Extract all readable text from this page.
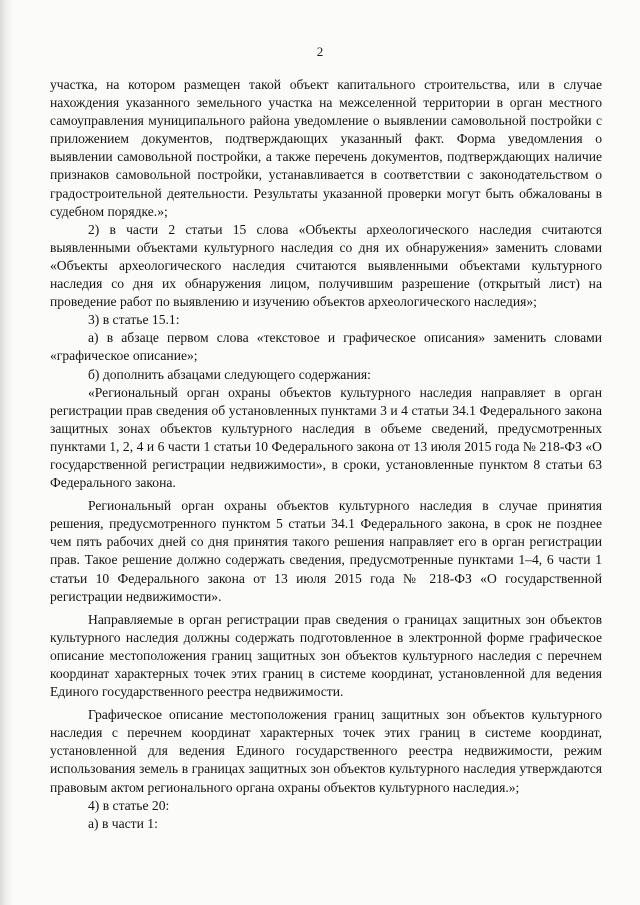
2

участка, на котором размещен такой объект капитального строительства, или в случае нахождения указанного земельного участка на межселенной территории в орган местного самоуправления муниципального района уведомление о выявлении самовольной постройки с приложением документов, подтверждающих указанный факт. Форма уведомления о выявлении самовольной постройки, а также перечень документов, подтверждающих наличие признаков самовольной постройки, устанавливается в соответствии с законодательством о градостроительной деятельности. Результаты указанной проверки могут быть обжалованы в судебном порядке.»;

2) в части 2 статьи 15 слова «Объекты археологического наследия считаются выявленными объектами культурного наследия со дня их обнаружения» заменить словами «Объекты археологического наследия считаются выявленными объектами культурного наследия со дня их обнаружения лицом, получившим разрешение (открытый лист) на проведение работ по выявлению и изучению объектов археологического наследия»;

3) в статье 15.1:

а) в абзаце первом слова «текстовое и графическое описания» заменить словами «графическое описание»;

б) дополнить абзацами следующего содержания:

«Региональный орган охраны объектов культурного наследия направляет в орган регистрации прав сведения об установленных пунктами 3 и 4 статьи 34.1 Федерального закона защитных зонах объектов культурного наследия в объеме сведений, предусмотренных пунктами 1, 2, 4 и 6 части 1 статьи 10 Федерального закона от 13 июля 2015 года № 218-ФЗ «О государственной регистрации недвижимости», в сроки, установленные пунктом 8 статьи 63 Федерального закона.

Региональный орган охраны объектов культурного наследия в случае принятия решения, предусмотренного пунктом 5 статьи 34.1 Федерального закона, в срок не позднее чем пять рабочих дней со дня принятия такого решения направляет его в орган регистрации прав. Такое решение должно содержать сведения, предусмотренные пунктами 1–4, 6 части 1 статьи 10 Федерального закона от 13 июля 2015 года № 218-ФЗ «О государственной регистрации недвижимости».

Направляемые в орган регистрации прав сведения о границах защитных зон объектов культурного наследия должны содержать подготовленное в электронной форме графическое описание местоположения границ защитных зон объектов культурного наследия с перечнем координат характерных точек этих границ в системе координат, установленной для ведения Единого государственного реестра недвижимости.

Графическое описание местоположения границ защитных зон объектов культурного наследия с перечнем координат характерных точек этих границ в системе координат, установленной для ведения Единого государственного реестра недвижимости, режим использования земель в границах защитных зон объектов культурного наследия утверждаются правовым актом регионального органа охраны объектов культурного наследия.»;

4) в статье 20:

а) в части 1:
